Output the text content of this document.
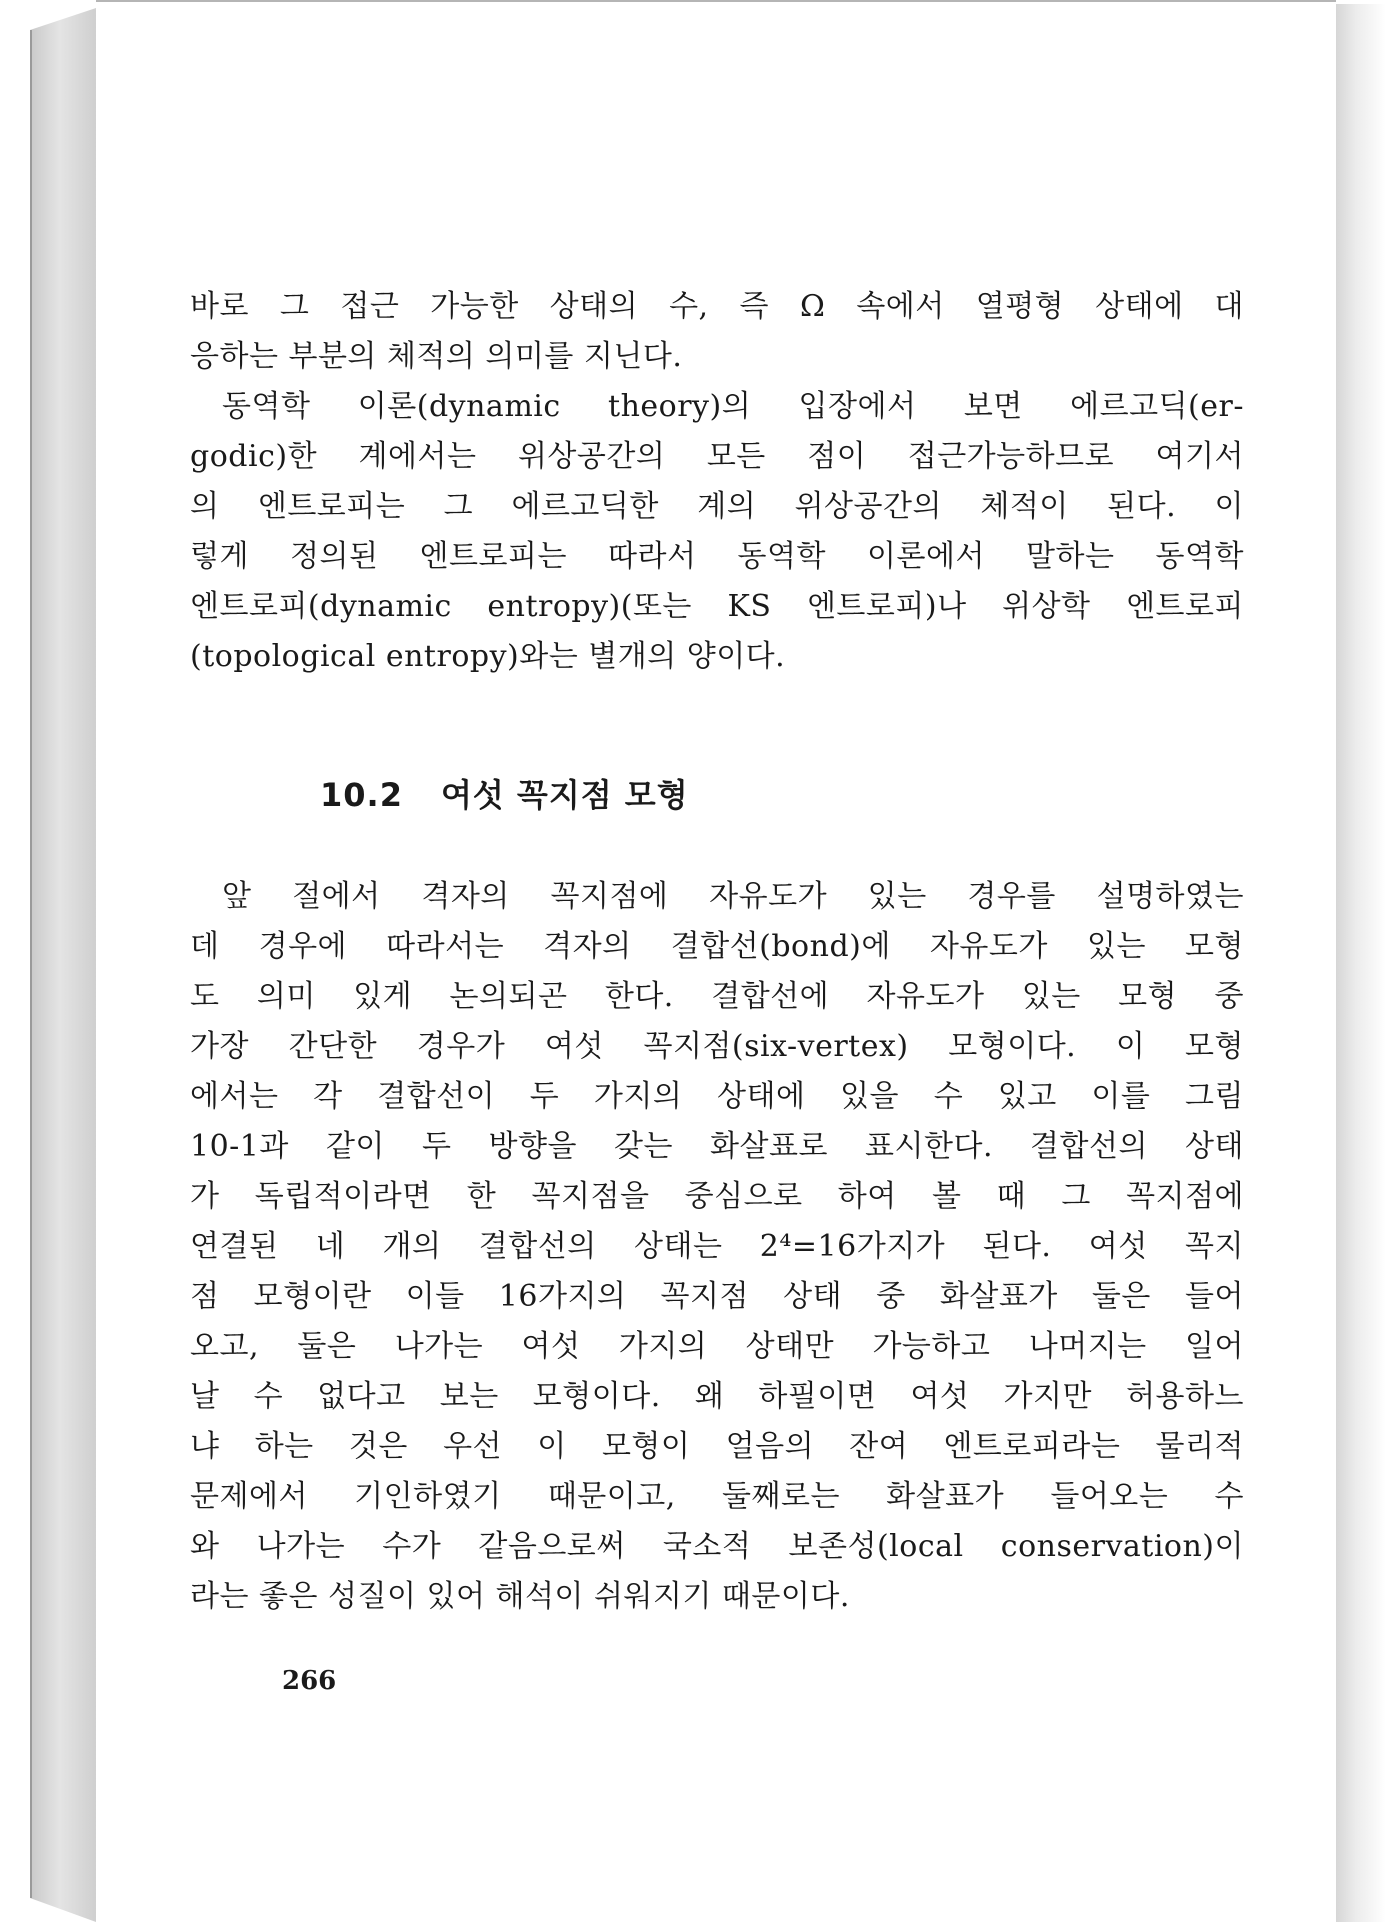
바로 그 접근 가능한 상태의 수, 즉 Ω 속에서 열평형 상태에 대
응하는 부분의 체적의 의미를 지닌다.

동역학 이론(dynamic theory)의 입장에서 보면 에르고딕(er-
godic)한 계에서는 위상공간의 모든 점이 접근가능하므로 여기서
의 엔트로피는 그 에르고딕한 계의 위상공간의 체적이 된다. 이
렇게 정의된 엔트로피는 따라서 동역학 이론에서 말하는 동역학
엔트로피(dynamic entropy)(또는 KS 엔트로피)나 위상학 엔트로피
(topological entropy)와는 별개의 양이다.

10.2 여섯 꼭지점 모형

앞 절에서 격자의 꼭지점에 자유도가 있는 경우를 설명하였는
데 경우에 따라서는 격자의 결합선(bond)에 자유도가 있는 모형
도 의미 있게 논의되곤 한다. 결합선에 자유도가 있는 모형 중
가장 간단한 경우가 여섯 꼭지점(six-vertex) 모형이다. 이 모형
에서는 각 결합선이 두 가지의 상태에 있을 수 있고 이를 그림
10-1과 같이 두 방향을 갖는 화살표로 표시한다. 결합선의 상태
가 독립적이라면 한 꼭지점을 중심으로 하여 볼 때 그 꼭지점에
연결된 네 개의 결합선의 상태는 2⁴=16가지가 된다. 여섯 꼭지
점 모형이란 이들 16가지의 꼭지점 상태 중 화살표가 둘은 들어
오고, 둘은 나가는 여섯 가지의 상태만 가능하고 나머지는 일어
날 수 없다고 보는 모형이다. 왜 하필이면 여섯 가지만 허용하느
냐 하는 것은 우선 이 모형이 얼음의 잔여 엔트로피라는 물리적
문제에서 기인하였기 때문이고, 둘째로는 화살표가 들어오는 수
와 나가는 수가 같음으로써 국소적 보존성(local conservation)이
라는 좋은 성질이 있어 해석이 쉬워지기 때문이다.

266
